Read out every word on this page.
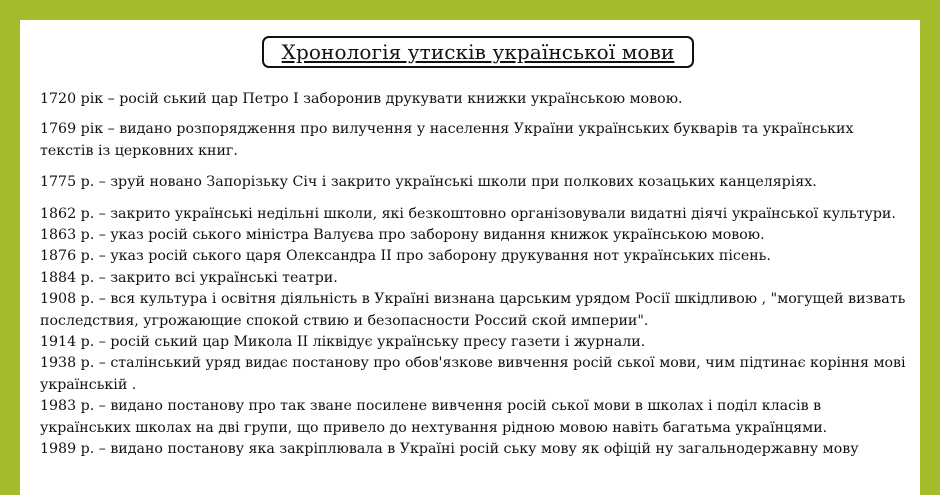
Хронологія утисків української мови
1720 рік – росій ський цар Петро І заборонив друкувати книжки українською мовою.
1769 рік – видано розпорядження про вилучення у населення України українських букварів та українських текстів із церковних книг.
1775 р. – зруй новано Запорізьку Січ і закрито українські школи при полкових козацьких канцеляріях.
1862 р. – закрито українські недільні школи, які безкоштовно організовували видатні діячі української культури.
1863 р. – указ росій ського міністра Валуєва про заборону видання книжок українською мовою.
1876 р. – указ росій ського царя Олександра ІІ про заборону друкування нот українських пісень.
1884 р. – закрито всі українські театри.
1908 р. – вся культура і освітня діяльність в Україні визнана царським урядом Росії шкідливою , "могущей визвать последствия, угрожающие спокой ствию и безопасности Россий ской империи".
1914 р. – росій ський цар Микола ІІ ліквідує українську пресу газети і журнали.
1938 р. – сталінський уряд видає постанову про обов'язкове вивчення росій ської мови, чим підтинає коріння мові українській .
1983 р. – видано постанову про так зване посилене вивчення росій ської мови в школах і поділ класів в українських школах на дві групи, що привело до нехтування рідною мовою навіть багатьма українцями.
1989 р. – видано постанову яка закріплювала в Україні росій ську мову як офіцій ну загальнодержавну мову
